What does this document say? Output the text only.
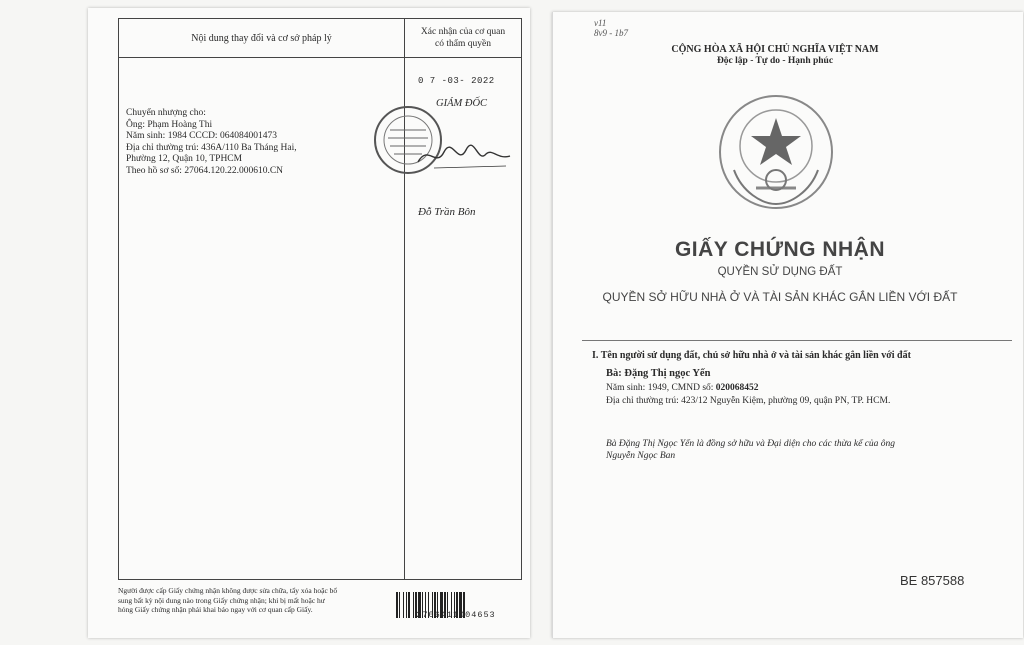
Nội dung thay đổi và cơ sở pháp lý
Xác nhận của cơ quan
có thẩm quyền
Chuyển nhượng cho:
Ông: Phạm Hoàng Thi
Năm sinh: 1984 CCCD: 064084001473
Địa chỉ thường trú: 436A/110 Ba Tháng Hai,
Phường 12, Quận 10, TPHCM
Theo hồ sơ số: 27064.120.22.000610.CN
0 7 -03- 2022
GIÁM ĐỐC
Đỗ Trần Bôn
Người được cấp Giấy chứng nhận không được sửa chữa, tẩy xóa hoặc bổ
sung bất kỳ nội dung nào trong Giấy chứng nhận; khi bị mất hoặc hư
hỏng Giấy chứng nhận phải khai báo ngay với cơ quan cấp Giấy.
2706411004653
v11
8v9 - 1b7
CỘNG HÒA XÃ HỘI CHỦ NGHĨA VIỆT NAM
Độc lập - Tự do - Hạnh phúc
GIẤY CHỨNG NHẬN
QUYỀN SỬ DỤNG ĐẤT
QUYỀN SỞ HỮU NHÀ Ở VÀ TÀI SẢN KHÁC GẮN LIỀN VỚI ĐẤT
I. Tên người sử dụng đất, chủ sở hữu nhà ở và tài sản khác gắn liền với đất
Bà: Đặng Thị ngọc Yến
Năm sinh: 1949, CMND số: 020068452
Địa chỉ thường trú: 423/12 Nguyễn Kiệm, phường 09, quận PN, TP. HCM.
Bà Đặng Thị Ngọc Yến là đồng sở hữu và Đại diện cho các thừa kế của ông
Nguyễn Ngọc Ban
BE 857588
